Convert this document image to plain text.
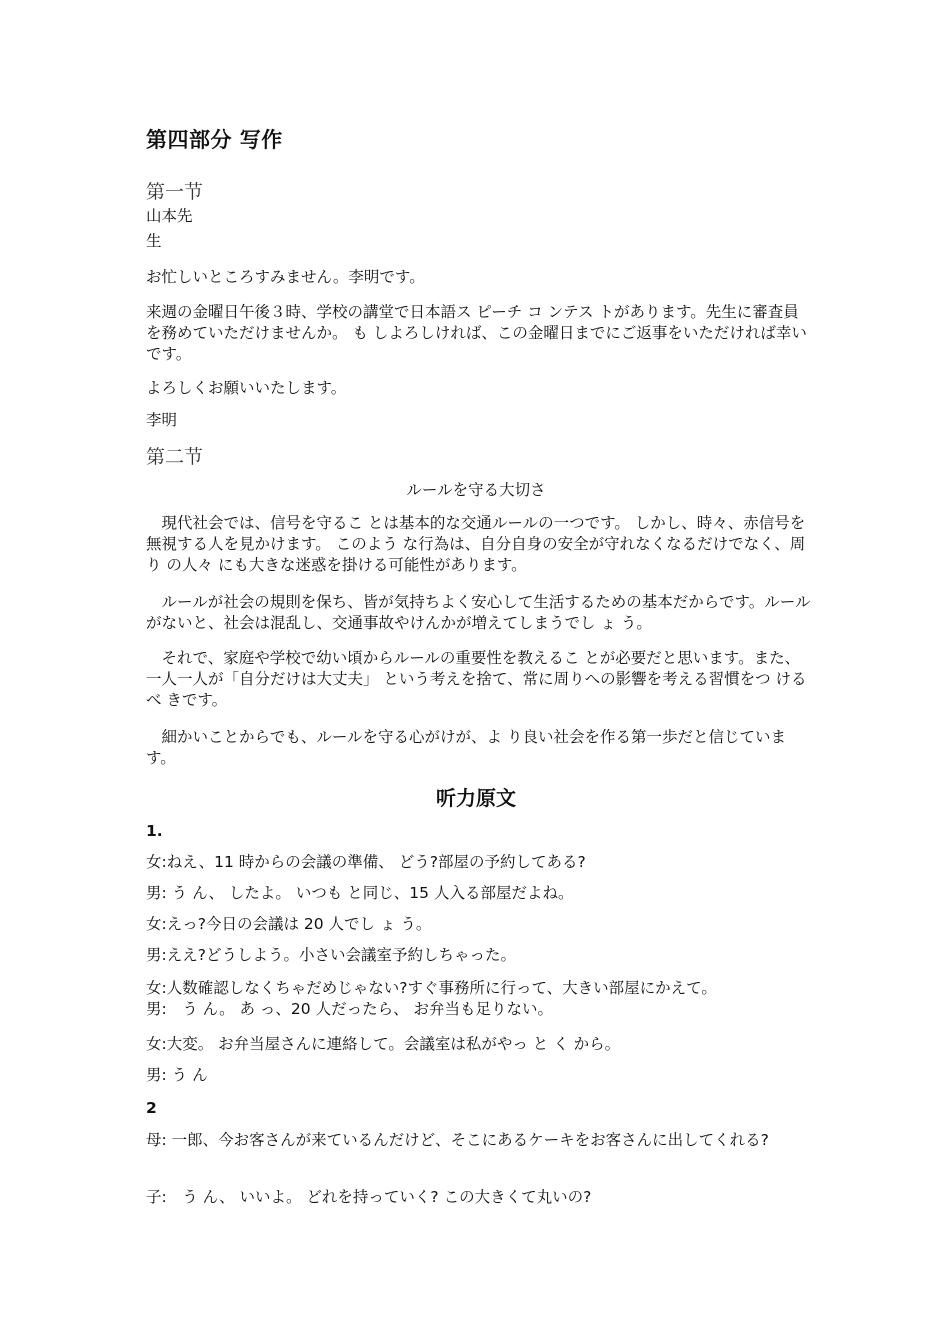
第四部分 写作
第一节
山本先
生
お忙しいところすみません。李明です。
来週の金曜日午後３時、学校の講堂で日本語ス ピーチ コ ンテス トがあります。先生に審査員を務めていただけませんか。 も しよろしければ、この金曜日までにご返事をいただければ幸いです。
よろしくお願いいたします。
李明
第二节
ルールを守る大切さ
　現代社会では、信号を守るこ とは基本的な交通ルールの一つです。 しかし、時々、赤信号を無視する人を見かけます。 このよう な行為は、自分自身の安全が守れなくなるだけでなく、周 り の人々 にも大きな迷惑を掛ける可能性があります。
　ルールが社会の規則を保ち、皆が気持ちよく安心して生活するための基本だからです。ルールがないと、社会は混乱し、交通事故やけんかが増えてしまうでし ょ う。
　それで、家庭や学校で幼い頃からルールの重要性を教えるこ とが必要だと思います。また、一人一人が「自分だけは大丈夫」 という考えを捨て、常に周りへの影響を考える習慣をつ けるべ きです。
　細かいことからでも、ルールを守る心がけが、よ り良い社会を作る第一歩だと信じています。
听力原文
1.
女:ねえ、11 時からの会議の準備、 どう?部屋の予約してある?
男: う ん、 したよ。 いつも と同じ、15 人入る部屋だよね。
女:えっ?今日の会議は 20 人でし ょ う。
男:ええ?どうしよう。小さい会議室予約しちゃった。
女:人数確認しなくちゃだめじゃない?すぐ事務所に行って、大きい部屋にかえて。
男:　う ん。 あ っ、20 人だったら、 お弁当も足りない。
女:大変。 お弁当屋さんに連絡して。会議室は私がやっ と く から。
男: う ん
2
母: 一郎、今お客さんが来ているんだけど、そこにあるケーキをお客さんに出してくれる?
子:　う ん、 いいよ。 どれを持っていく? この大きくて丸いの?
